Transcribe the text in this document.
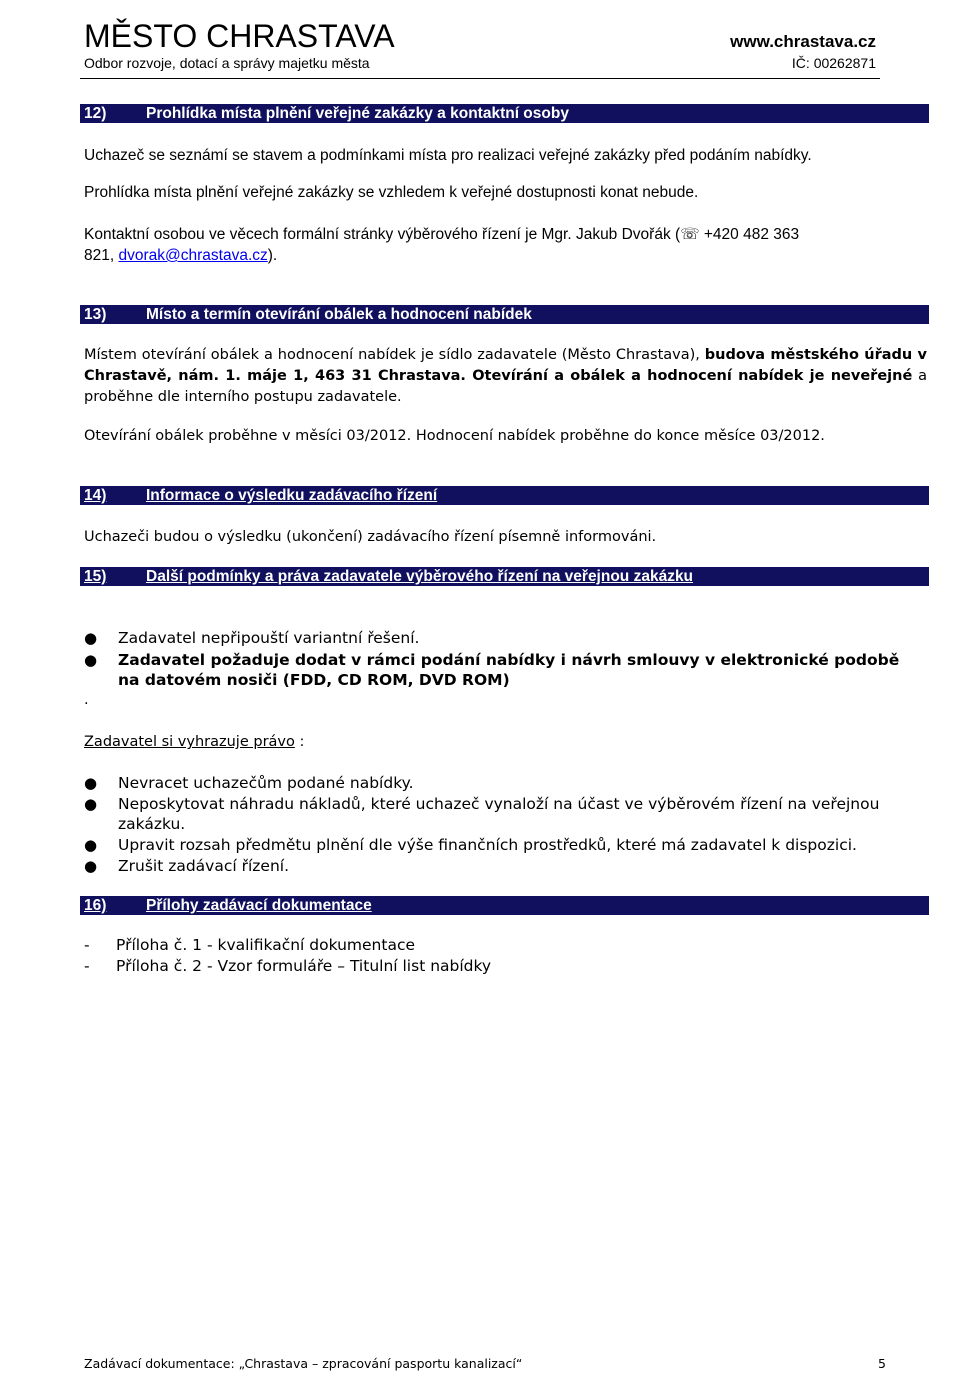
MĚSTO CHRASTAVA
Odbor rozvoje, dotací a správy majetku města
www.chrastava.cz
IČ: 00262871
12)	Prohlídka místa plnění veřejné zakázky a kontaktní osoby
Uchazeč se seznámí se stavem a podmínkami místa pro realizaci veřejné zakázky před podáním nabídky.
Prohlídka místa plnění veřejné zakázky se vzhledem k veřejné dostupnosti konat nebude.
Kontaktní osobou ve věcech formální stránky výběrového řízení je Mgr. Jakub Dvořák (☏ +420 482 363
821, dvorak@chrastava.cz).
13)	Místo a termín otevírání obálek a hodnocení nabídek
Místem otevírání obálek a hodnocení nabídek je sídlo zadavatele (Město Chrastava), budova městského úřadu v Chrastavě, nám. 1. máje 1, 463 31 Chrastava. Otevírání a obálek a hodnocení nabídek je neveřejné a proběhne dle interního postupu zadavatele.
Otevírání obálek proběhne v měsíci 03/2012. Hodnocení nabídek proběhne do konce měsíce 03/2012.
14)	Informace o výsledku zadávacího řízení
Uchazeči budou o výsledku (ukončení) zadávacího řízení písemně informováni.
15)	Další podmínky a práva zadavatele výběrového řízení na veřejnou zakázku
● Zadavatel nepřipouští variantní řešení.
● Zadavatel požaduje dodat v rámci podání nabídky i návrh smlouvy v elektronické podobě na datovém nosiči (FDD, CD ROM, DVD ROM)
.
Zadavatel si vyhrazuje právo :
● Nevracet uchazečům podané nabídky.
● Neposkytovat náhradu nákladů, které uchazeč vynaloží na účast ve výběrovém řízení na veřejnou zakázku.
● Upravit rozsah předmětu plnění dle výše finančních prostředků, které má zadavatel k dispozici.
● Zrušit zadávací řízení.
16)	Přílohy zadávací dokumentace
- Příloha č. 1 - kvalifikační dokumentace
- Příloha č. 2 - Vzor formuláře – Titulní list nabídky
Zadávací dokumentace: „Chrastava – zpracování pasportu kanalizací“	5
